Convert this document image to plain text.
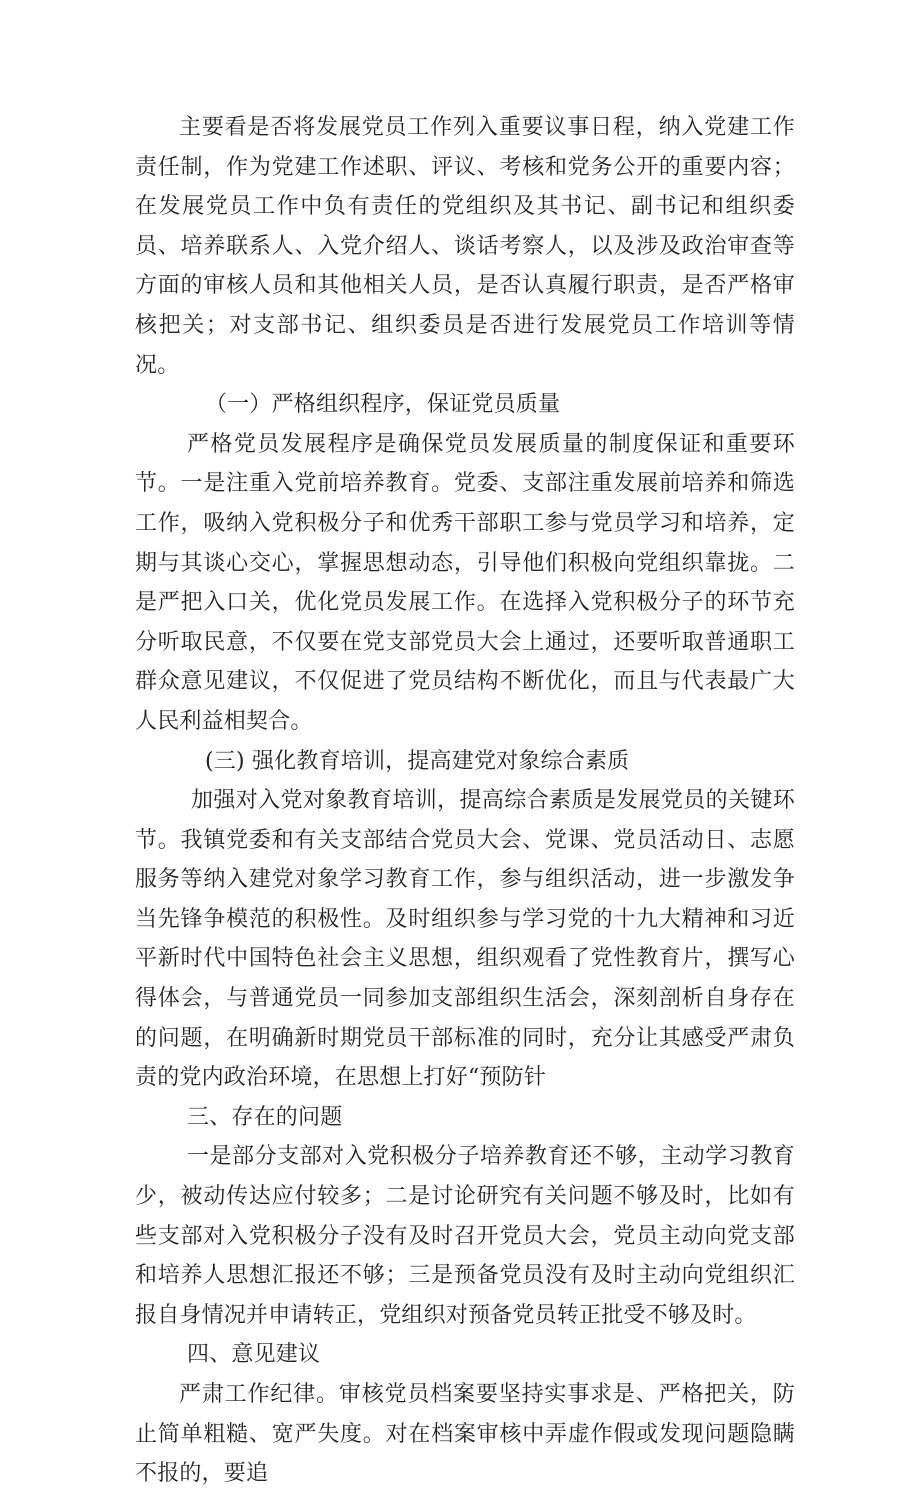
主要看是否将发展党员工作列入重要议事日程，纳入党建工作责任制，作为党建工作述职、评议、考核和党务公开的重要内容；在发展党员工作中负有责任的党组织及其书记、副书记和组织委员、培养联系人、入党介绍人、谈话考察人，以及涉及政治审查等方面的审核人员和其他相关人员，是否认真履行职责，是否严格审核把关；对支部书记、组织委员是否进行发展党员工作培训等情况。

（一）严格组织程序，保证党员质量

严格党员发展程序是确保党员发展质量的制度保证和重要环节。一是注重入党前培养教育。党委、支部注重发展前培养和筛选工作，吸纳入党积极分子和优秀干部职工参与党员学习和培养，定期与其谈心交心，掌握思想动态，引导他们积极向党组织靠拢。二是严把入口关，优化党员发展工作。在选择入党积极分子的环节充分听取民意，不仅要在党支部党员大会上通过，还要听取普通职工群众意见建议，不仅促进了党员结构不断优化，而且与代表最广大人民利益相契合。

(三) 强化教育培训，提高建党对象综合素质

加强对入党对象教育培训，提高综合素质是发展党员的关键环节。我镇党委和有关支部结合党员大会、党课、党员活动日、志愿服务等纳入建党对象学习教育工作，参与组织活动，进一步激发争当先锋争模范的积极性。及时组织参与学习党的十九大精神和习近平新时代中国特色社会主义思想，组织观看了党性教育片，撰写心得体会，与普通党员一同参加支部组织生活会，深刻剖析自身存在的问题，在明确新时期党员干部标准的同时，充分让其感受严肃负责的党内政治环境，在思想上打好“预防针

三、存在的问题

一是部分支部对入党积极分子培养教育还不够，主动学习教育少，被动传达应付较多；二是讨论研究有关问题不够及时，比如有些支部对入党积极分子没有及时召开党员大会，党员主动向党支部和培养人思想汇报还不够；三是预备党员没有及时主动向党组织汇报自身情况并申请转正，党组织对预备党员转正批受不够及时。

四、意见建议

严肃工作纪律。审核党员档案要坚持实事求是、严格把关，防止简单粗糙、宽严失度。对在档案审核中弄虚作假或发现问题隐瞒不报的，要追
